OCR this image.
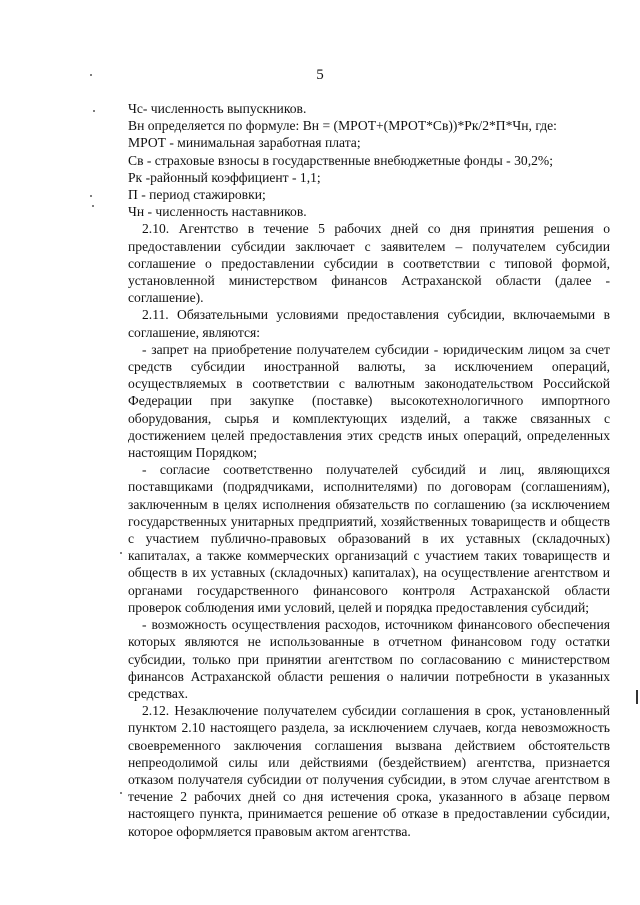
5

Чс- численность выпускников.

Вн определяется по формуле: Вн = (МРОТ+(МРОТ*Св))*Рк/2*П*Чн, где:

МРОТ - минимальная заработная плата;

Св - страховые взносы в государственные внебюджетные фонды - 30,2%;

Рк -районный коэффициент - 1,1;

П - период стажировки;

Чн - численность наставников.

2.10. Агентство в течение 5 рабочих дней со дня принятия решения о предоставлении субсидии заключает с заявителем – получателем субсидии соглашение о предоставлении субсидии в соответствии с типовой формой, установленной министерством финансов Астраханской области (далее - соглашение).

2.11. Обязательными условиями предоставления субсидии, включаемыми в соглашение, являются:

- запрет на приобретение получателем субсидии - юридическим лицом за счет средств субсидии иностранной валюты, за исключением операций, осуществляемых в соответствии с валютным законодательством Российской Федерации при закупке (поставке) высокотехнологичного импортного оборудования, сырья и комплектующих изделий, а также связанных с достижением целей предоставления этих средств иных операций, определенных настоящим Порядком;

- согласие соответственно получателей субсидий и лиц, являющихся поставщиками (подрядчиками, исполнителями) по договорам (соглашениям), заключенным в целях исполнения обязательств по соглашению (за исключением государственных унитарных предприятий, хозяйственных товариществ и обществ с участием публично-правовых образований в их уставных (складочных) капиталах, а также коммерческих организаций с участием таких товариществ и обществ в их уставных (складочных) капиталах), на осуществление агентством и органами государственного финансового контроля Астраханской области проверок соблюдения ими условий, целей и порядка предоставления субсидий;

- возможность осуществления расходов, источником финансового обеспечения которых являются не использованные в отчетном финансовом году остатки субсидии, только при принятии агентством по согласованию с министерством финансов Астраханской области решения о наличии потребности в указанных средствах.

2.12. Незаключение получателем субсидии соглашения в срок, установленный пунктом 2.10 настоящего раздела, за исключением случаев, когда невозможность своевременного заключения соглашения вызвана действием обстоятельств непреодолимой силы или действиями (бездействием) агентства, признается отказом получателя субсидии от получения субсидии, в этом случае агентством в течение 2 рабочих дней со дня истечения срока, указанного в абзаце первом настоящего пункта, принимается решение об отказе в предоставлении субсидии, которое оформляется правовым актом агентства.
